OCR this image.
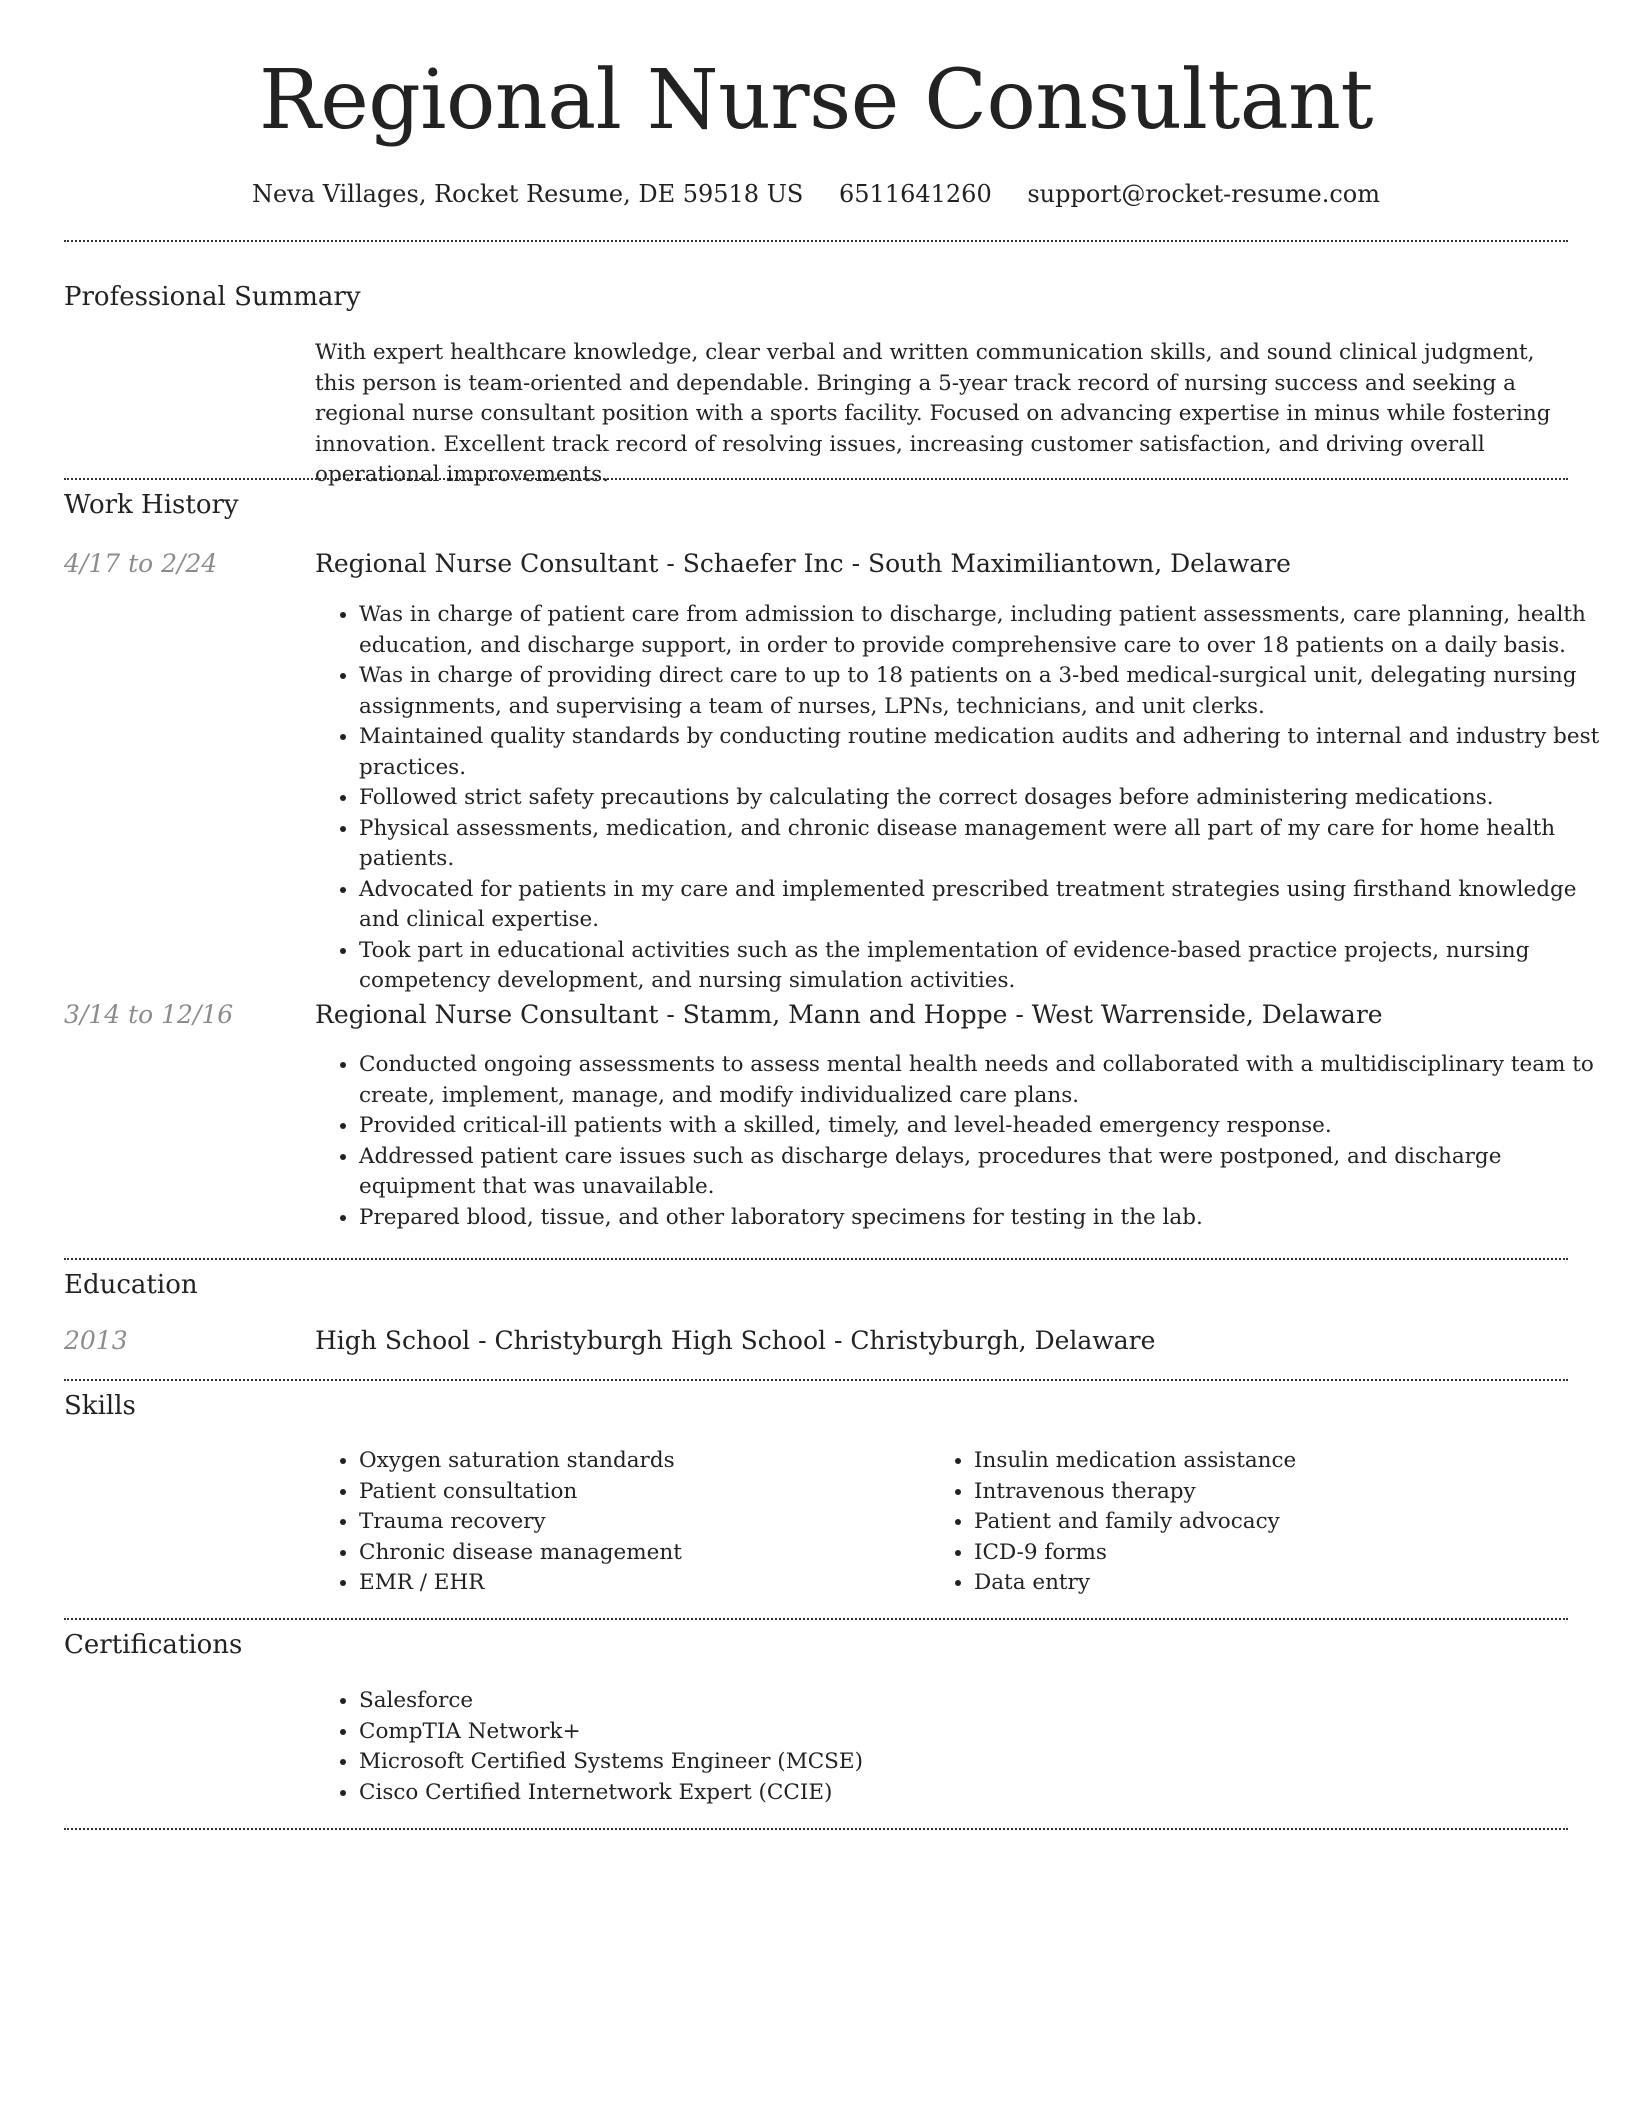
Regional Nurse Consultant
Neva Villages, Rocket Resume, DE 59518 US 6511641260 support@rocket-resume.com
Professional Summary
With expert healthcare knowledge, clear verbal and written communication skills, and sound clinical judgment, this person is team-oriented and dependable. Bringing a 5-year track record of nursing success and seeking a regional nurse consultant position with a sports facility. Focused on advancing expertise in minus while fostering innovation. Excellent track record of resolving issues, increasing customer satisfaction, and driving overall operational improvements.
Work History
4/17 to 2/24	Regional Nurse Consultant - Schaefer Inc - South Maximiliantown, Delaware
• Was in charge of patient care from admission to discharge, including patient assessments, care planning, health education, and discharge support, in order to provide comprehensive care to over 18 patients on a daily basis.
• Was in charge of providing direct care to up to 18 patients on a 3-bed medical-surgical unit, delegating nursing assignments, and supervising a team of nurses, LPNs, technicians, and unit clerks.
• Maintained quality standards by conducting routine medication audits and adhering to internal and industry best practices.
• Followed strict safety precautions by calculating the correct dosages before administering medications.
• Physical assessments, medication, and chronic disease management were all part of my care for home health patients.
• Advocated for patients in my care and implemented prescribed treatment strategies using firsthand knowledge and clinical expertise.
• Took part in educational activities such as the implementation of evidence-based practice projects, nursing competency development, and nursing simulation activities.
3/14 to 12/16	Regional Nurse Consultant - Stamm, Mann and Hoppe - West Warrenside, Delaware
• Conducted ongoing assessments to assess mental health needs and collaborated with a multidisciplinary team to create, implement, manage, and modify individualized care plans.
• Provided critical-ill patients with a skilled, timely, and level-headed emergency response.
• Addressed patient care issues such as discharge delays, procedures that were postponed, and discharge equipment that was unavailable.
• Prepared blood, tissue, and other laboratory specimens for testing in the lab.
Education
2013	High School - Christyburgh High School - Christyburgh, Delaware
Skills
• Oxygen saturation standards
• Patient consultation
• Trauma recovery
• Chronic disease management
• EMR / EHR
• Insulin medication assistance
• Intravenous therapy
• Patient and family advocacy
• ICD-9 forms
• Data entry
Certifications
• Salesforce
• CompTIA Network+
• Microsoft Certified Systems Engineer (MCSE)
• Cisco Certified Internetwork Expert (CCIE)
